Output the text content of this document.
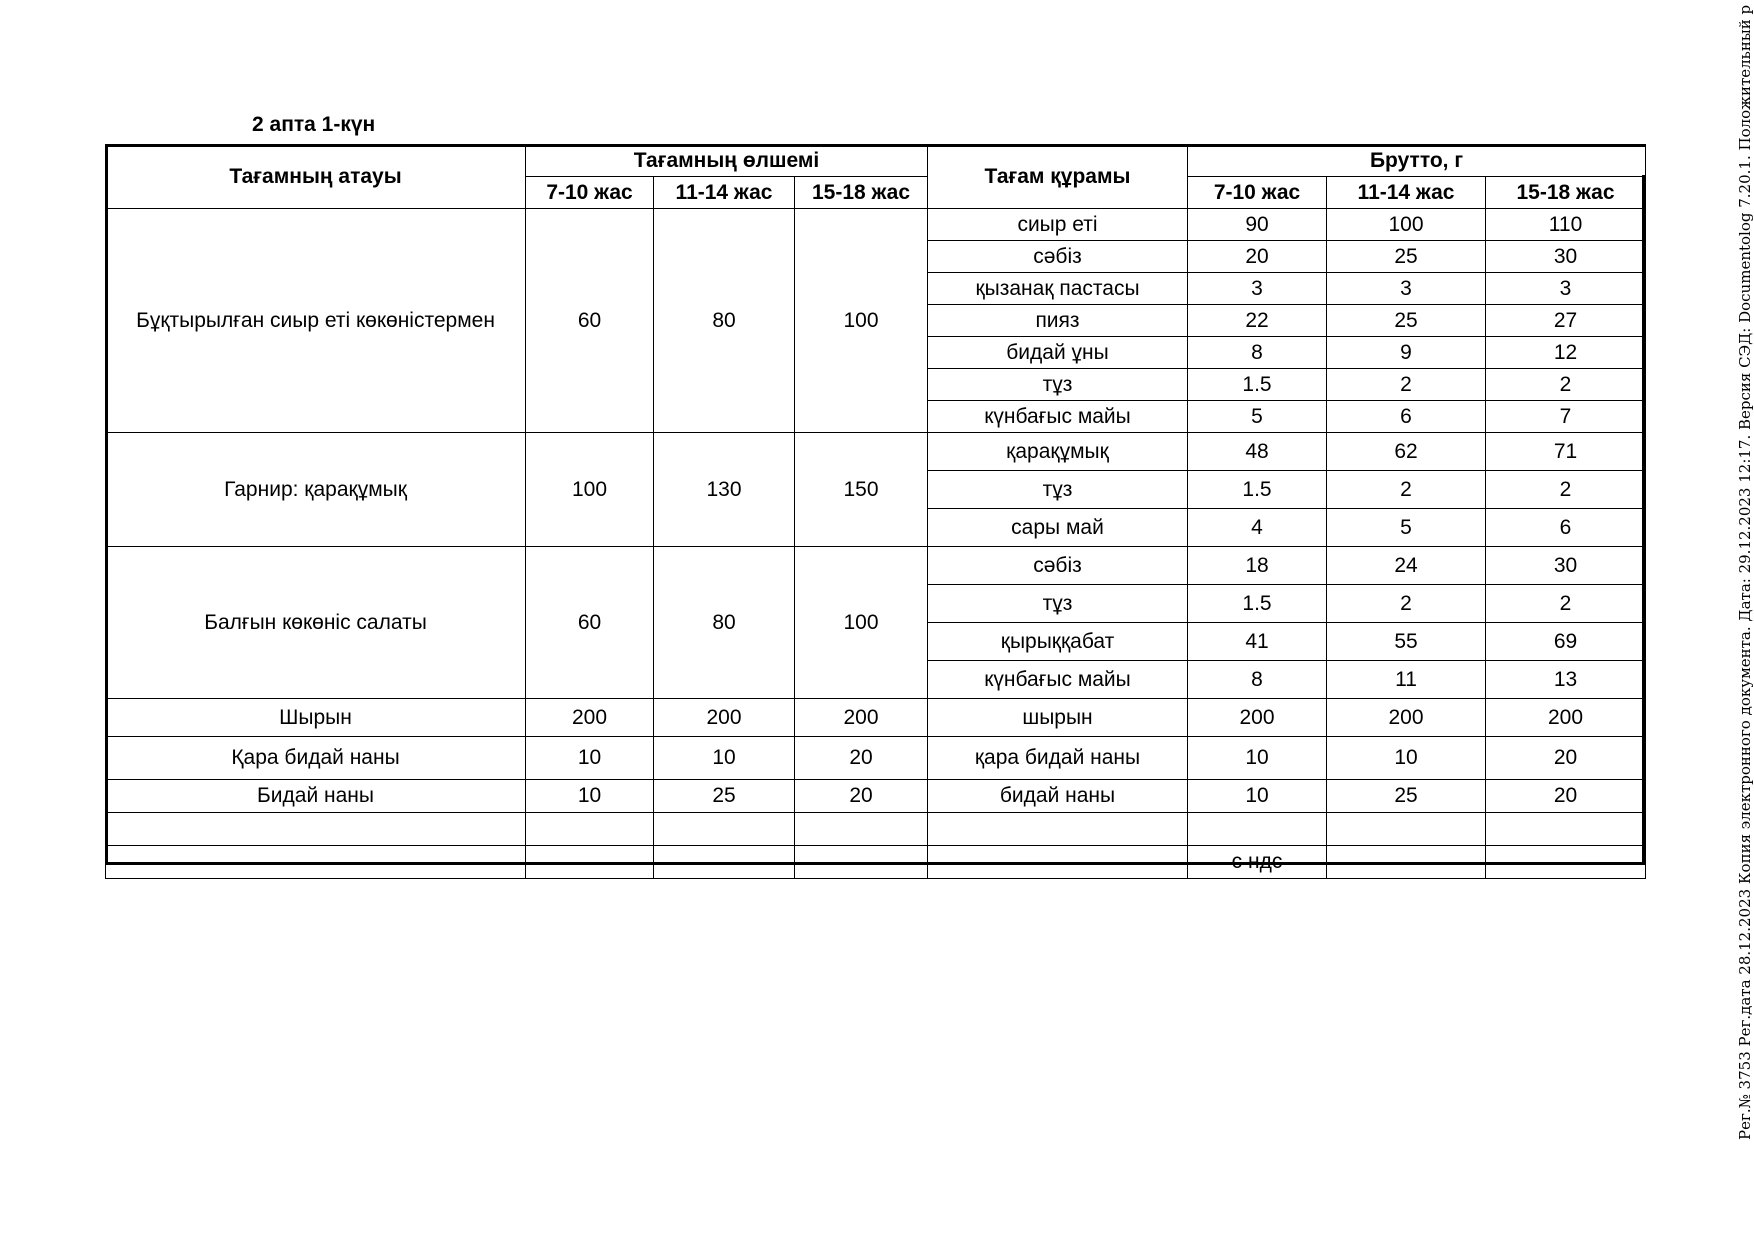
2 апта 1-күн
Тағамның атауы	Тағамның өлшемі			Тағам құрамы	Брутто, г		
	7-10 жас	11-14 жас	15-18 жас		7-10 жас	11-14 жас	15-18 жас
Бұқтырылған сиыр еті көкөністермен	60	80	100	сиыр еті	90	100	110
				сәбіз	20	25	30
				қызанақ пастасы	3	3	3
				пияз	22	25	27
				бидай ұны	8	9	12
				тұз	1.5	2	2
				күнбағыс майы	5	6	7
Гарнир: қарақұмық	100	130	150	қарақұмық	48	62	71
				тұз	1.5	2	2
				сары май	4	5	6
Балғын көкөніс салаты	60	80	100	сәбіз	18	24	30
				тұз	1.5	2	2
				қырыққабат	41	55	69
				күнбағыс майы	8	11	13
Шырын	200	200	200	шырын	200	200	200
Қара бидай наны	10	10	20	қара бидай наны	10	10	20
Бидай наны	10	25	20	бидай наны	10	25	20

					с ндс			Рег.№ 3753 Рег.дата 28.12.2023 Копия электронного документа. Дата: 29.12.2023 12:17. Версия СЭД: Documentolog 7.20.1. Положительный р
